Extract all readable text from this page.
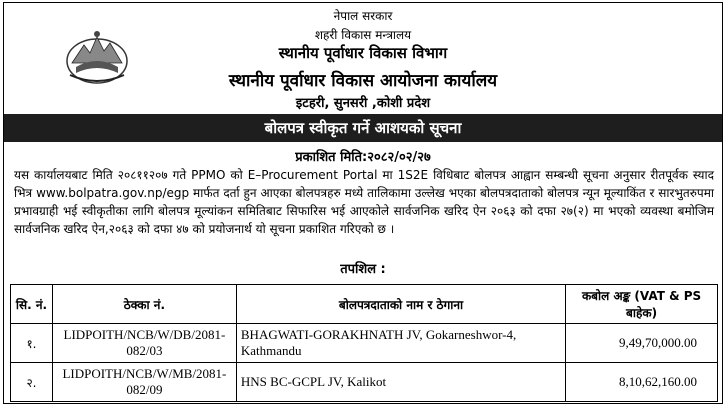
नेपाल सरकार
शहरी विकास मन्त्रालय
स्थानीय पूर्वाधार विकास विभाग
स्थानीय पूर्वाधार विकास आयोजना कार्यालय
इटहरी, सुनसरी ,कोशी प्रदेश
बोलपत्र स्वीकृत गर्ने आशयको सूचना
प्रकाशित मिति:२०८२/०२/२७
यस कार्यालयबाट मिति २०८११२०७ गते PPMO को E–Procurement Portal मा 1S2E विधिबाट बोलपत्र आह्वान सम्बन्धी सूचना अनुसार रीतपूर्वक स्याद भित्र www.bolpatra.gov.np/egp मार्फत दर्ता हुन आएका बोलपत्रहरु मध्ये तालिकामा उल्लेख भएका बोलपत्रदाताको बोलपत्र न्यून मूल्याकिंत र सारभुतरुपमा प्रभावग्राही भई स्वीकृतीका लागि बोलपत्र मूल्यांकन समितिबाट सिफारिस भई आएकोले सार्वजनिक खरिद ऐन २०६३ को दफा २७(२) मा भएको व्यवस्था बमोजिम सार्वजनिक खरिद ऐन,२०६३ को दफा ४७ को प्रयोजनार्थ यो सूचना प्रकाशित गरिएको छ ।
तपशिल :
सि. नं.	ठेक्का नं.	बोलपत्रदाताको नाम र ठेगाना	कबोल अङ्क (VAT & PS बाहेक)
१.	LIDPOITH/NCB/W/DB/2081-082/03	BHAGWATI-GORAKHNATH JV, Gokarneshwor-4, Kathmandu	9,49,70,000.00
२.	LIDPOITH/NCB/W/MB/2081-082/09	HNS BC-GCPL JV, Kalikot	8,10,62,160.00
